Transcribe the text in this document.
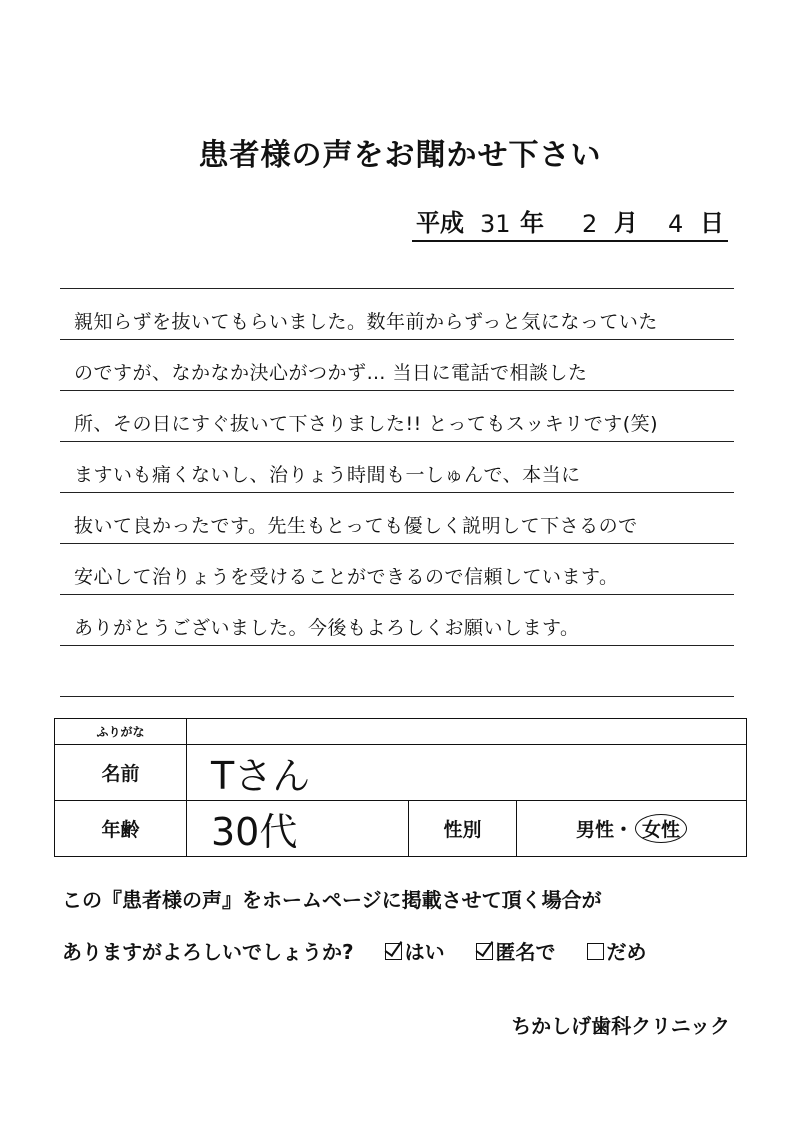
患者様の声をお聞かせ下さい
平成 31 年 2 月 4 日
親知らずを抜いてもらいました。数年前からずっと気になっていた
のですが、なかなか決心がつかず… 当日に電話で相談した
所、その日にすぐ抜いて下さりました!! とってもスッキリです(笑)
ますいも痛くないし、治りょう時間も一しゅんで、本当に
抜いて良かったです。先生もとっても優しく説明して下さるので
安心して治りょうを受けることができるので信頼しています。
ありがとうございました。今後もよろしくお願いします。
ふりがな			
名前	Tさん		
年齢	30代	性別	男性・ 女性
この『患者様の声』をホームページに掲載させて頂く場合が
ありますがよろしいでしょうか?	はい	匿名で	だめ
ちかしげ歯科クリニック
